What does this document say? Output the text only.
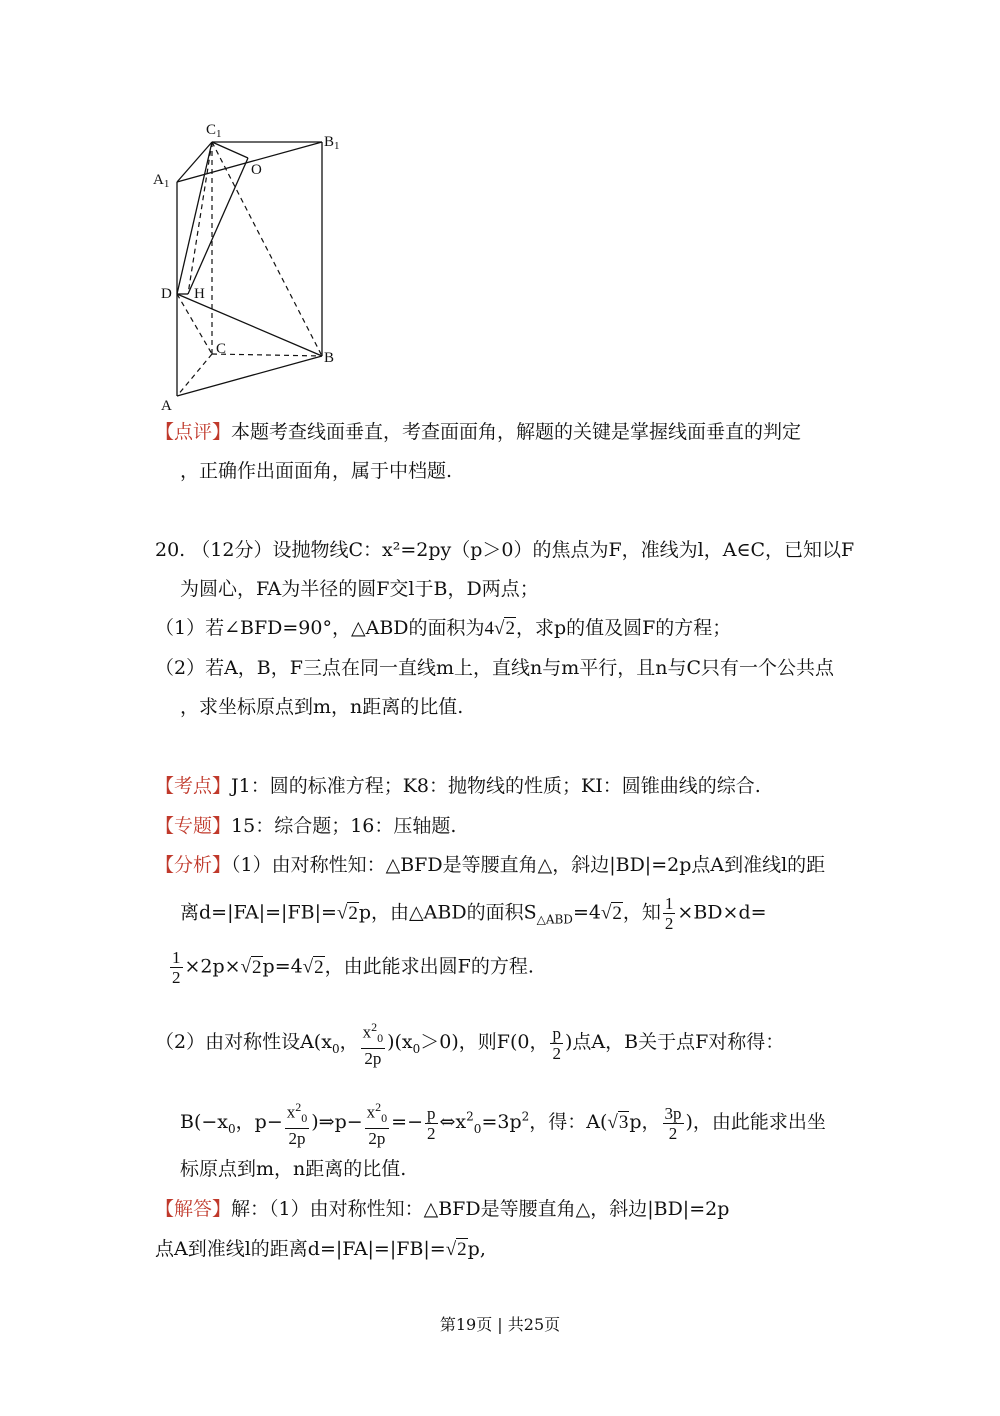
$C_1$	$B_1$
$A_1$
O
D H
C
B
A
【点评】本题考查线面垂直，考查面面角，解题的关键是掌握线面垂直的判定
，正确作出面面角，属于中档题.
20. （12分）设抛物线C：x²=2py（p＞0）的焦点为F，准线为l，A∈C，已知以F
为圆心，FA为半径的圆F交l于B，D两点；
（1）若∠BFD=90°，△ABD的面积为4√2，求p的值及圆F的方程；
（2）若A，B，F三点在同一直线m上，直线n与m平行，且n与C只有一个公共点
，求坐标原点到m，n距离的比值.
【考点】J1：圆的标准方程；K8：抛物线的性质；KI：圆锥曲线的综合.
【专题】15：综合题；16：压轴题.
【分析】（1）由对称性知：△BFD是等腰直角△，斜边|BD|=2p点A到准线l的距
离d=|FA|=|FB|=√2p，由△ABD的面积$S_{\triangle ABD}=4√2$，知 $\frac{1}{2} \times BD\times d=$
$\frac{1}{2} \times 2p\times√2p=4√2$，由此能求出圆F的方程.
（2）由对称性设$A(x_0$， $\frac{x^2_0}{2p} )(x_0>0)$，则F(0， $\frac{p}{2}$ )点A，B关于点F对称得：
$B(-x_0$，$p- \frac{x^2_0}{2p}$ )⇒p− $\frac{x^2_0}{2p} =- \frac{p}{2}$ $\Leftrightarrow x^2_0=3p^2$，得：A(√3p， $\frac{3p}{2}$ )，由此能求出坐
标原点到m，n距离的比值.
【解答】解：（1）由对称性知：△BFD是等腰直角△，斜边|BD|=2p
点A到准线l的距离d=|FA|=|FB|=√2p,
第19页 | 共25页
